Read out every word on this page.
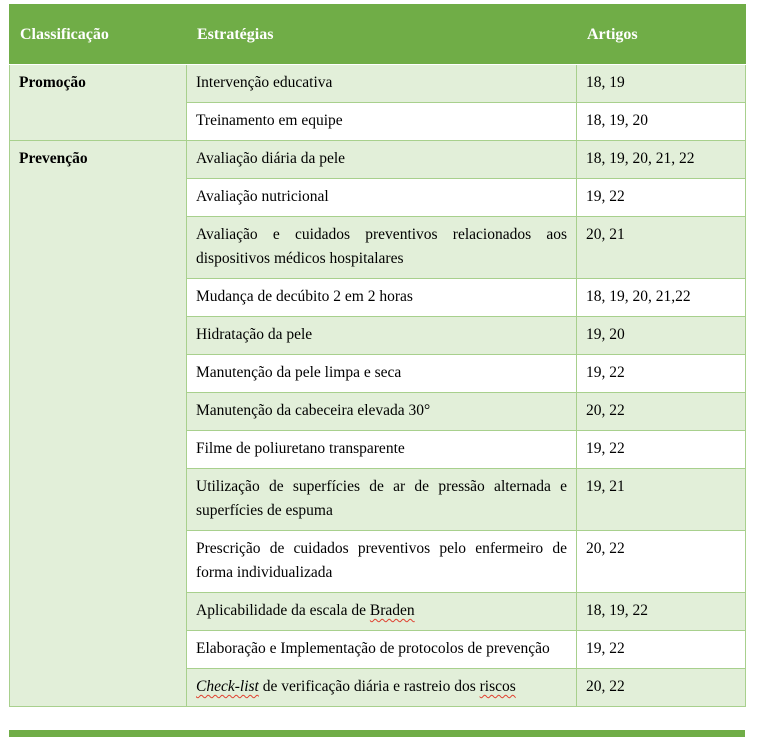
Classificação	Estratégias	Artigos
Promoção	Intervenção educativa	18, 19
	Treinamento em equipe	18, 19, 20
Prevenção	Avaliação diária da pele	18, 19, 20, 21, 22
	Avaliação nutricional	19, 22
	Avaliação e cuidados preventivos relacionados aos dispositivos médicos hospitalares	20, 21
	Mudança de decúbito 2 em 2 horas	18, 19, 20, 21,22
	Hidratação da pele	19, 20
	Manutenção da pele limpa e seca	19, 22
	Manutenção da cabeceira elevada 30°	20, 22
	Filme de poliuretano transparente	19, 22
	Utilização de superfícies de ar de pressão alternada e superfícies de espuma	19, 21
	Prescrição de cuidados preventivos pelo enfermeiro de forma individualizada	20, 22
	Aplicabilidade da escala de Braden	18, 19, 22
	Elaboração e Implementação de protocolos de prevenção	19, 22
	Check-list de verificação diária e rastreio dos riscos	20, 22
